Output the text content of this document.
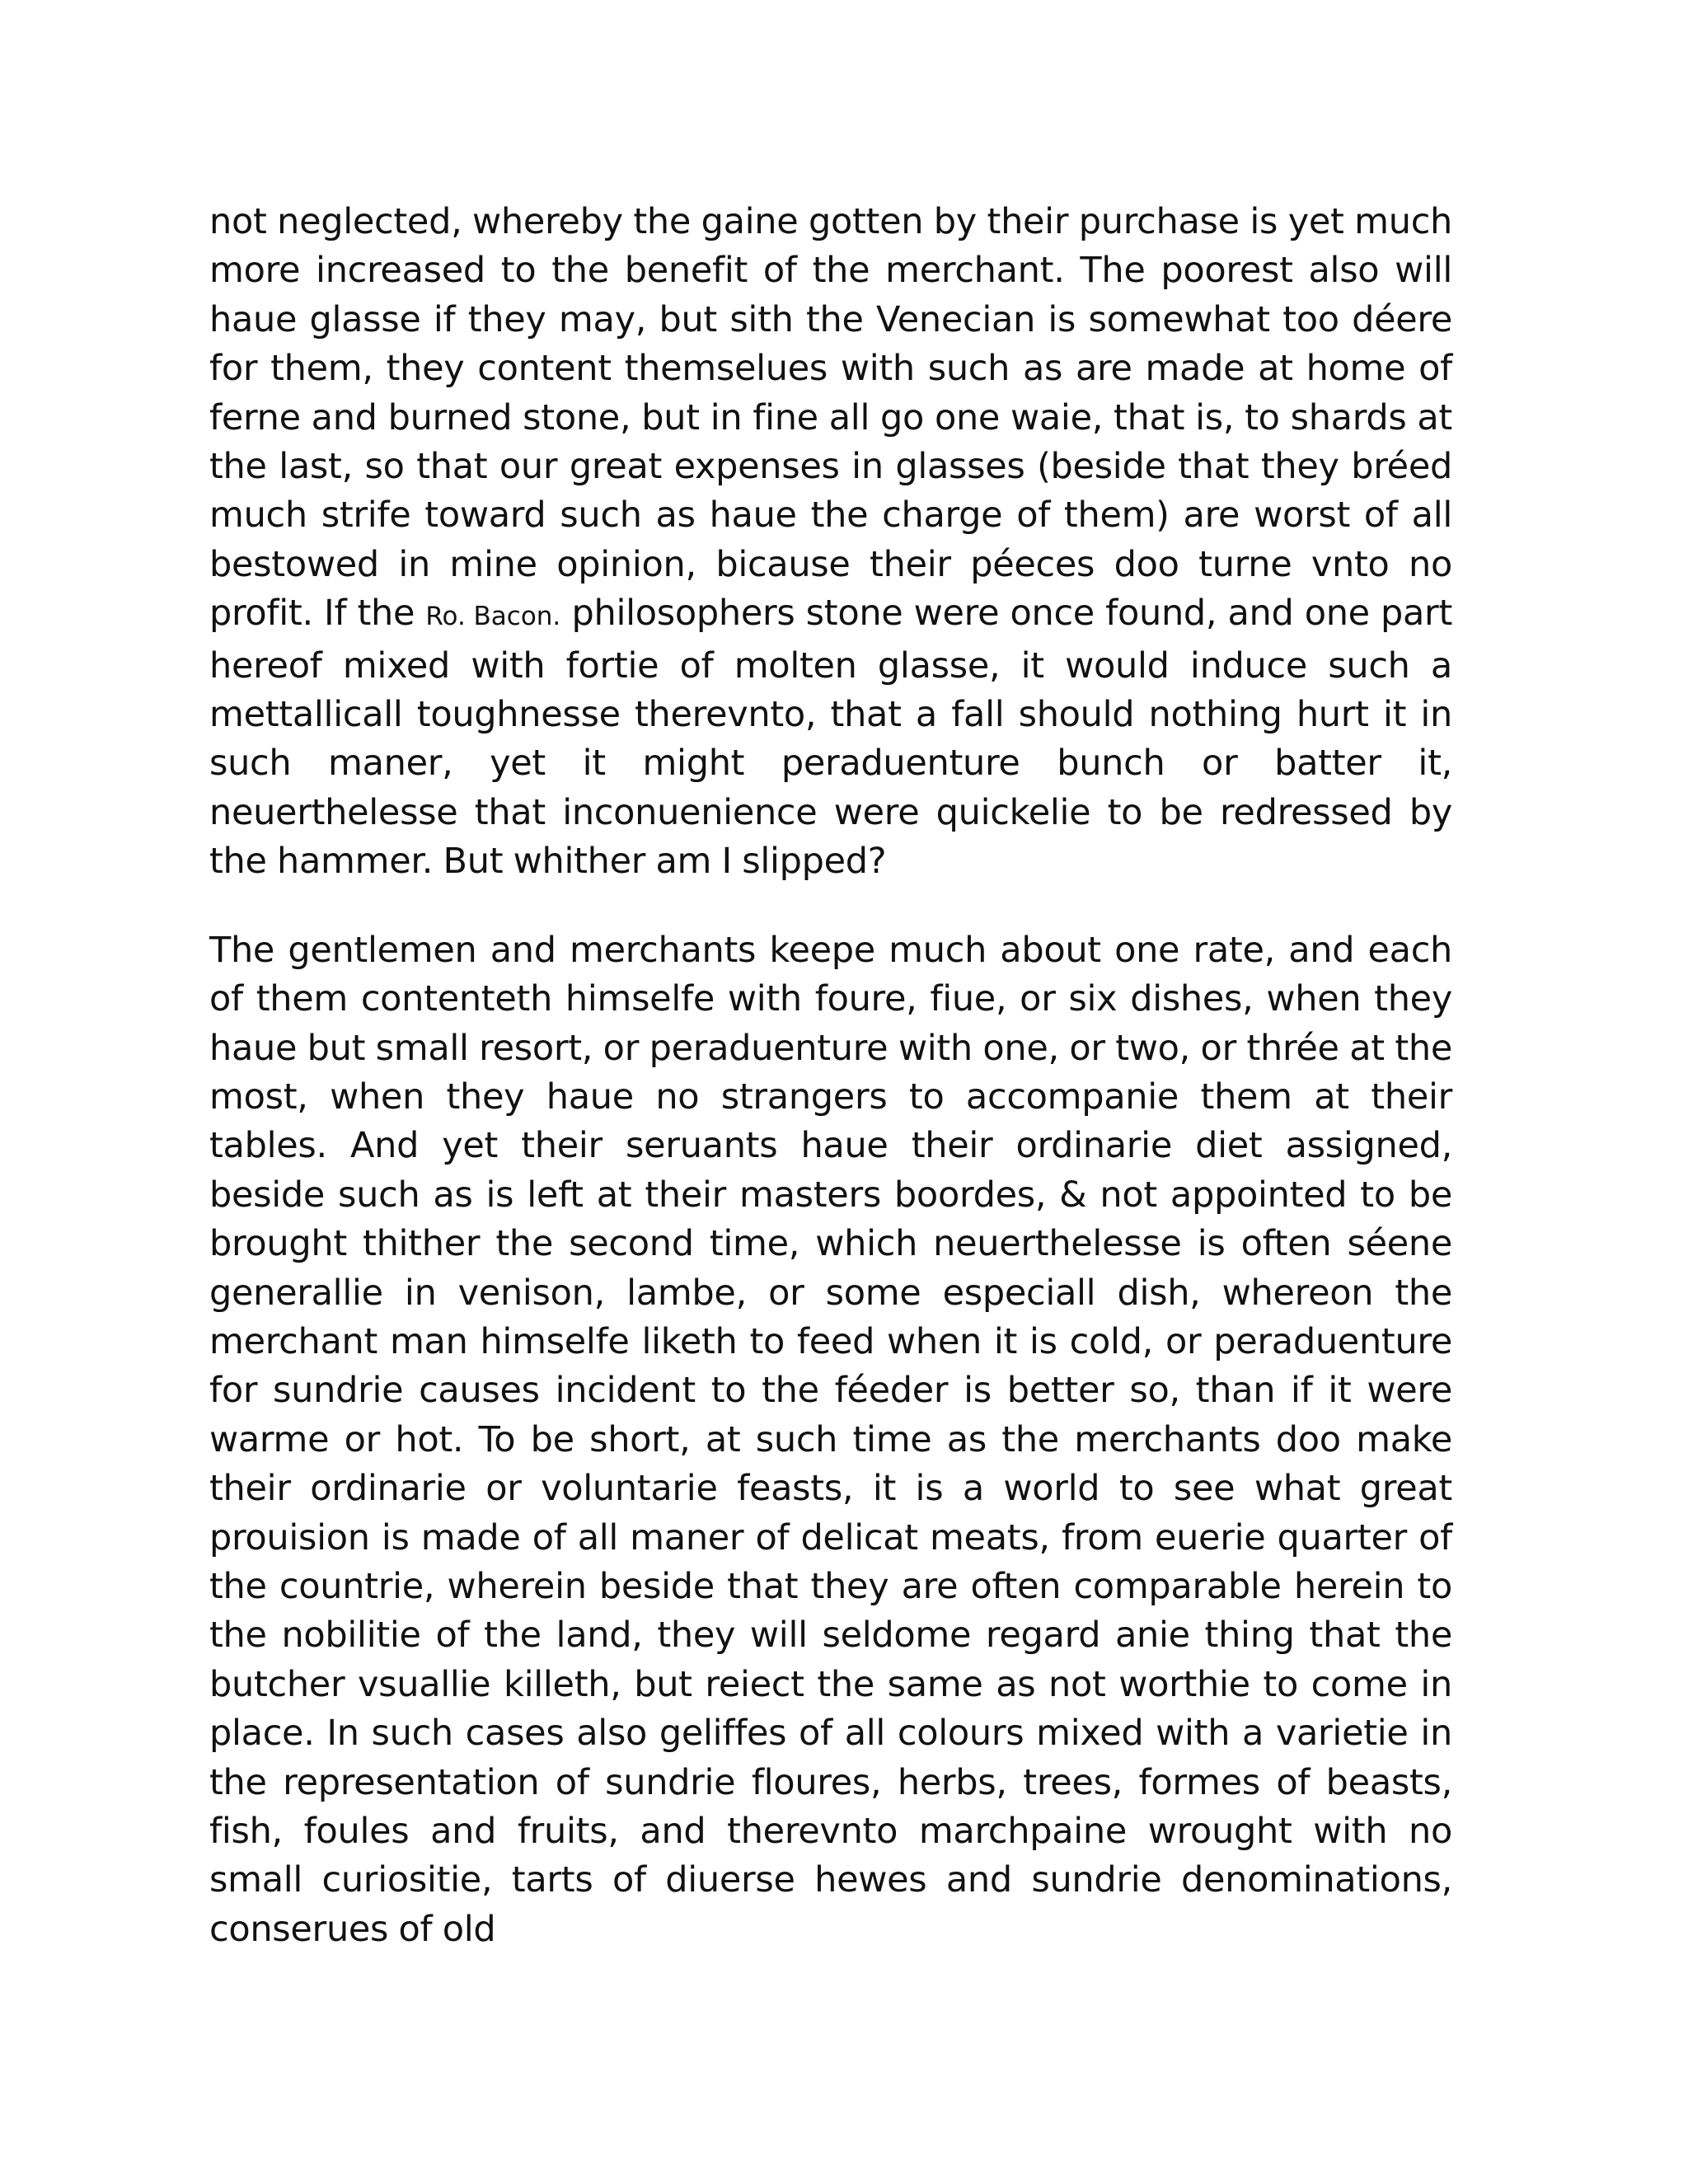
not neglected, whereby the gaine gotten by their purchase is yet much more increased to the benefit of the merchant. The poorest also will haue glasse if they may, but sith the Venecian is somewhat too déere for them, they content themselues with such as are made at home of ferne and burned stone, but in fine all go one waie, that is, to shards at the last, so that our great expenses in glasses (beside that they bréed much strife toward such as haue the charge of them) are worst of all bestowed in mine opinion, bicause their péeces doo turne vnto no profit. If the Ro. Bacon. philosophers stone were once found, and one part hereof mixed with fortie of molten glasse, it would induce such a mettallicall toughnesse therevnto, that a fall should nothing hurt it in such maner, yet it might peraduenture bunch or batter it, neuerthelesse that inconuenience were quickelie to be redressed by the hammer. But whither am I slipped?

The gentlemen and merchants keepe much about one rate, and each of them contenteth himselfe with foure, fiue, or six dishes, when they haue but small resort, or peraduenture with one, or two, or thrée at the most, when they haue no strangers to accompanie them at their tables. And yet their seruants haue their ordinarie diet assigned, beside such as is left at their masters boordes, & not appointed to be brought thither the second time, which neuerthelesse is often séene generallie in venison, lambe, or some especiall dish, whereon the merchant man himselfe liketh to feed when it is cold, or peraduenture for sundrie causes incident to the féeder is better so, than if it were warme or hot. To be short, at such time as the merchants doo make their ordinarie or voluntarie feasts, it is a world to see what great prouision is made of all maner of delicat meats, from euerie quarter of the countrie, wherein beside that they are often comparable herein to the nobilitie of the land, they will seldome regard anie thing that the butcher vsuallie killeth, but reiect the same as not worthie to come in place. In such cases also geliffes of all colours mixed with a varietie in the representation of sundrie floures, herbs, trees, formes of beasts, fish, foules and fruits, and therevnto marchpaine wrought with no small curiositie, tarts of diuerse hewes and sundrie denominations, conserues of old
